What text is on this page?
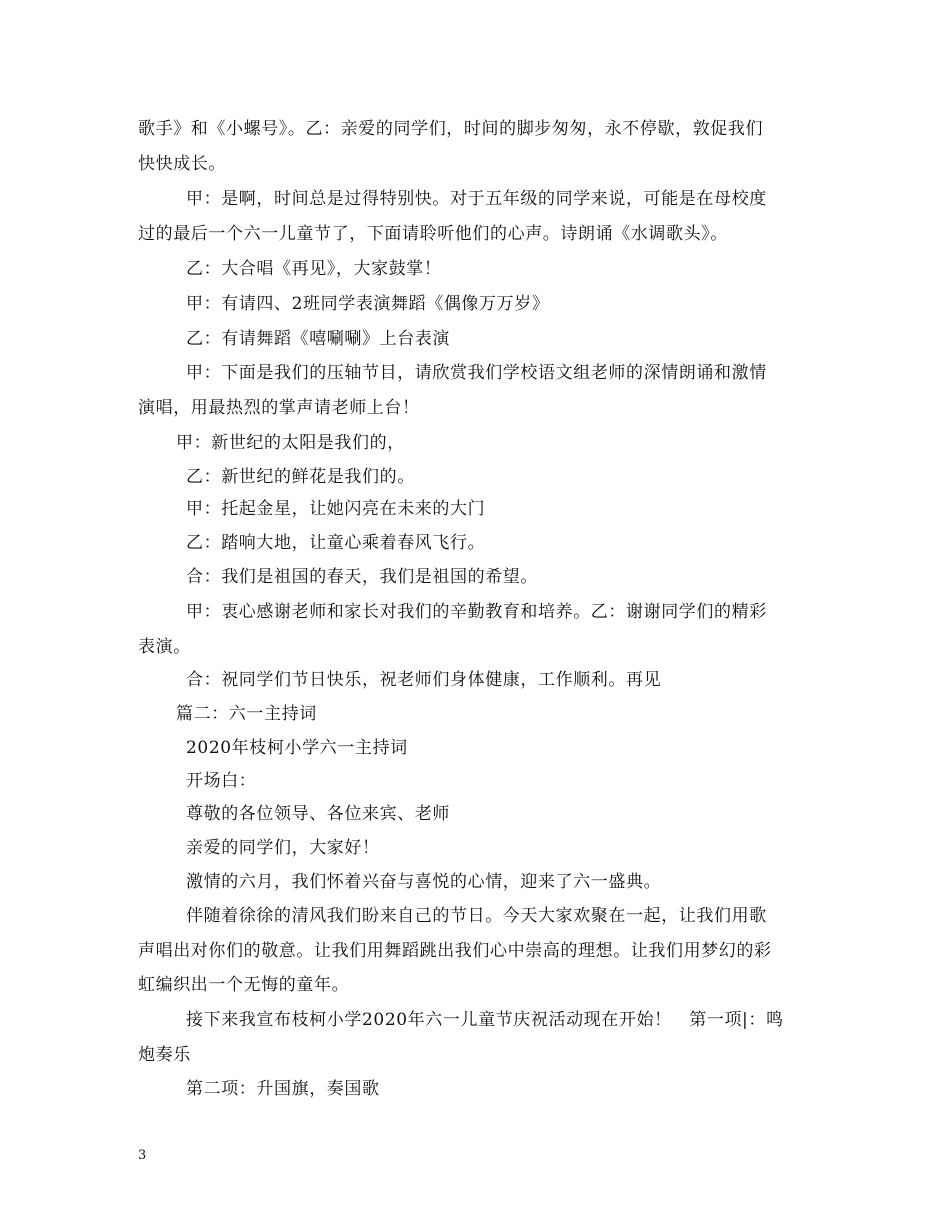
歌手》和《小螺号》。乙：亲爱的同学们，时间的脚步匆匆，永不停歇，敦促我们
快快成长。
甲：是啊，时间总是过得特别快。对于五年级的同学来说，可能是在母校度
过的最后一个六一儿童节了，下面请聆听他们的心声。诗朗诵《水调歌头》。
乙：大合唱《再见》，大家鼓掌！
甲：有请四、2班同学表演舞蹈《偶像万万岁》
乙：有请舞蹈《嘻唰唰》上台表演
甲：下面是我们的压轴节目，请欣赏我们学校语文组老师的深情朗诵和激情
演唱，用最热烈的掌声请老师上台！
甲：新世纪的太阳是我们的，
乙：新世纪的鲜花是我们的。
甲：托起金星，让她闪亮在未来的大门
乙：踏响大地，让童心乘着春风飞行。
合：我们是祖国的春天，我们是祖国的希望。
甲：衷心感谢老师和家长对我们的辛勤教育和培养。乙：谢谢同学们的精彩
表演。
合：祝同学们节日快乐，祝老师们身体健康，工作顺利。再见
篇二：六一主持词
2020年枝柯小学六一主持词
开场白：
尊敬的各位领导、各位来宾、老师
亲爱的同学们，大家好！
激情的六月，我们怀着兴奋与喜悦的心情，迎来了六一盛典。
伴随着徐徐的清风我们盼来自己的节日。今天大家欢聚在一起，让我们用歌
声唱出对你们的敬意。让我们用舞蹈跳出我们心中崇高的理想。让我们用梦幻的彩
虹编织出一个无悔的童年。
接下来我宣布枝柯小学2020年六一儿童节庆祝活动现在开始！　第一项|：鸣
炮奏乐
第二项：升国旗，奏国歌
3
